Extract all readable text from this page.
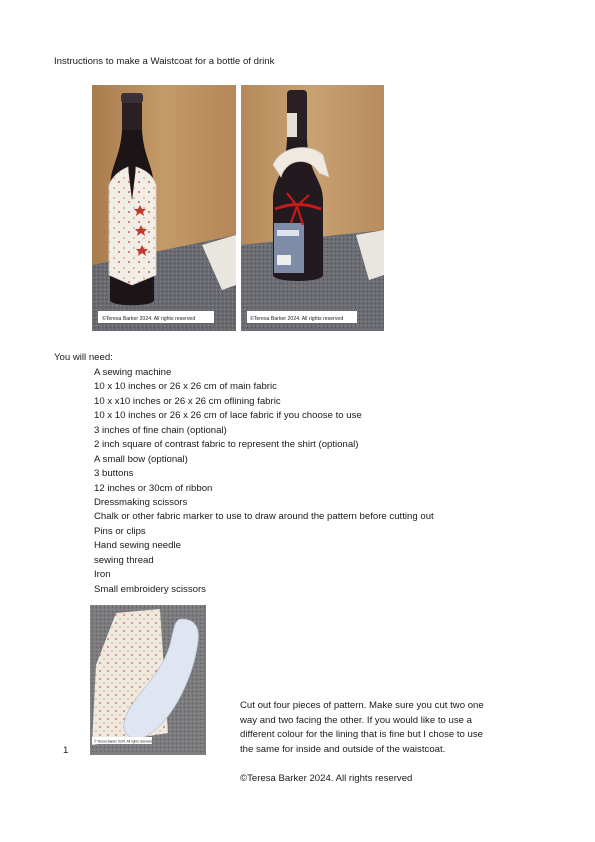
Instructions to make a Waistcoat for a bottle of drink
©Teresa Barker 2024. All rights reserved	©Teresa Barker 2024. All rights reserved
You will need:
A sewing machine
10 x 10 inches or 26 x 26 cm of main fabric
10 x x10 inches or 26 x 26 cm oflining fabric
10 x 10 inches or 26 x 26 cm of lace fabric if you choose to use
3 inches of fine chain (optional)
2 inch square of contrast fabric to represent the shirt (optional)
A small bow (optional)
3 buttons
12 inches or 30cm of ribbon
Dressmaking scissors
Chalk or other fabric marker to use to draw around the pattern before cutting out
Pins or clips
Hand sewing needle
sewing thread
Iron
Small embroidery scissors
© Teresa Barker 2024. All rights reserved
1

Cut out four pieces of pattern. Make sure you cut two one

way and two facing the other. If you would like to use a

different colour for the lining that is fine but I chose to use

the same for inside and outside of the waistcoat.

©Teresa Barker 2024. All rights reserved
